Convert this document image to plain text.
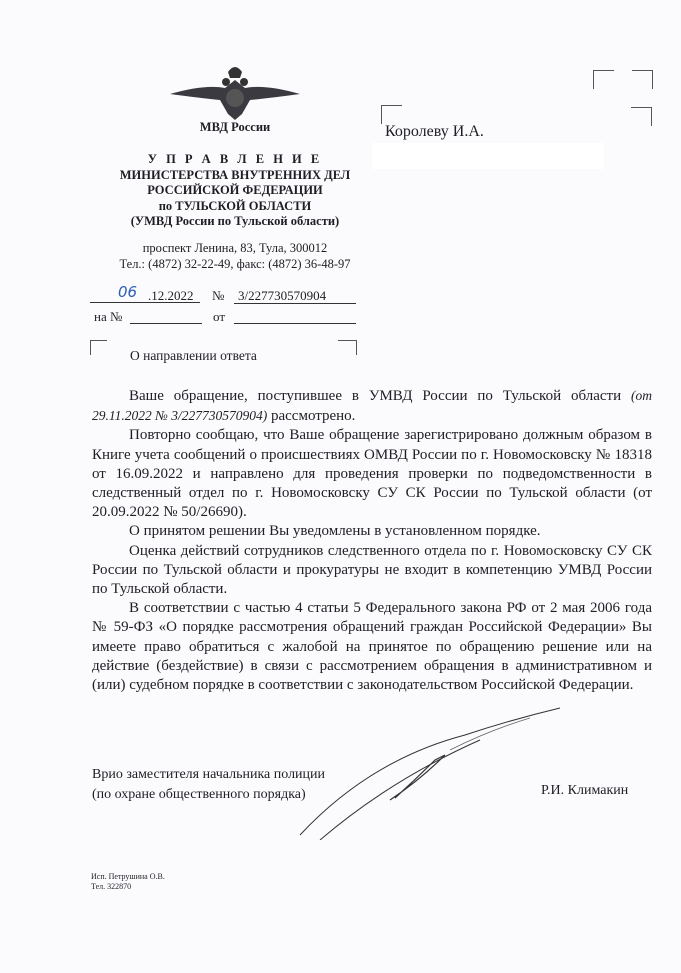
МВД России
У П Р А В Л Е Н И Е
МИНИСТЕРСТВА ВНУТРЕННИХ ДЕЛ
РОССИЙСКОЙ ФЕДЕРАЦИИ
по ТУЛЬСКОЙ ОБЛАСТИ
(УМВД России по Тульской области)
проспект Ленина, 83, Тула, 300012
Тел.: (4872) 32-22-49, факс: (4872) 36-48-97
06 .12.2022 № 3/227730570904
на №	от
О направлении ответа
Королеву И.А.

Ваше обращение, поступившее в УМВД России по Тульской области (от 29.11.2022 № 3/227730570904) рассмотрено.

Повторно сообщаю, что Ваше обращение зарегистрировано должным образом в Книге учета сообщений о происшествиях ОМВД России по г. Новомосковску № 18318 от 16.09.2022 и направлено для проведения проверки по подведомственности в следственный отдел по г. Новомосковску СУ СК России по Тульской области (от 20.09.2022 № 50/26690).

О принятом решении Вы уведомлены в установленном порядке.

Оценка действий сотрудников следственного отдела по г. Новомосковску СУ СК России по Тульской области и прокуратуры не входит в компетенцию УМВД России по Тульской области.

В соответствии с частью 4 статьи 5 Федерального закона РФ от 2 мая 2006 года № 59-ФЗ «О порядке рассмотрения обращений граждан Российской Федерации» Вы имеете право обратиться с жалобой на принятое по обращению решение или на действие (бездействие) в связи с рассмотрением обращения в административном и (или) судебном порядке в соответствии с законодательством Российской Федерации.

Врио заместителя начальника полиции
(по охране общественного порядка)	Р.И. Климакин
Исп. Петрушина О.В.
Тел. 322870
